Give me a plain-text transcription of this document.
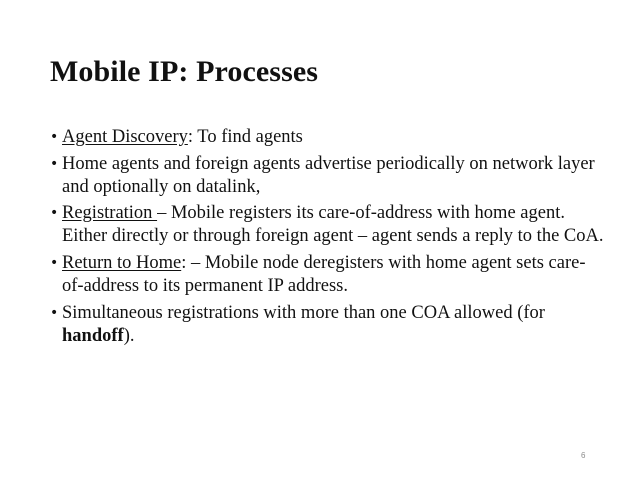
Mobile IP: Processes
• Agent Discovery: To find agents
• Home agents and foreign agents advertise periodically on network layer and optionally on datalink,
• Registration – Mobile registers its care-of-address with home agent. Either directly or through foreign agent – agent sends a reply to the CoA.
• Return to Home: – Mobile node deregisters with home agent sets care- of-address to its permanent IP address.
• Simultaneous registrations with more than one COA allowed (for handoff).
6
